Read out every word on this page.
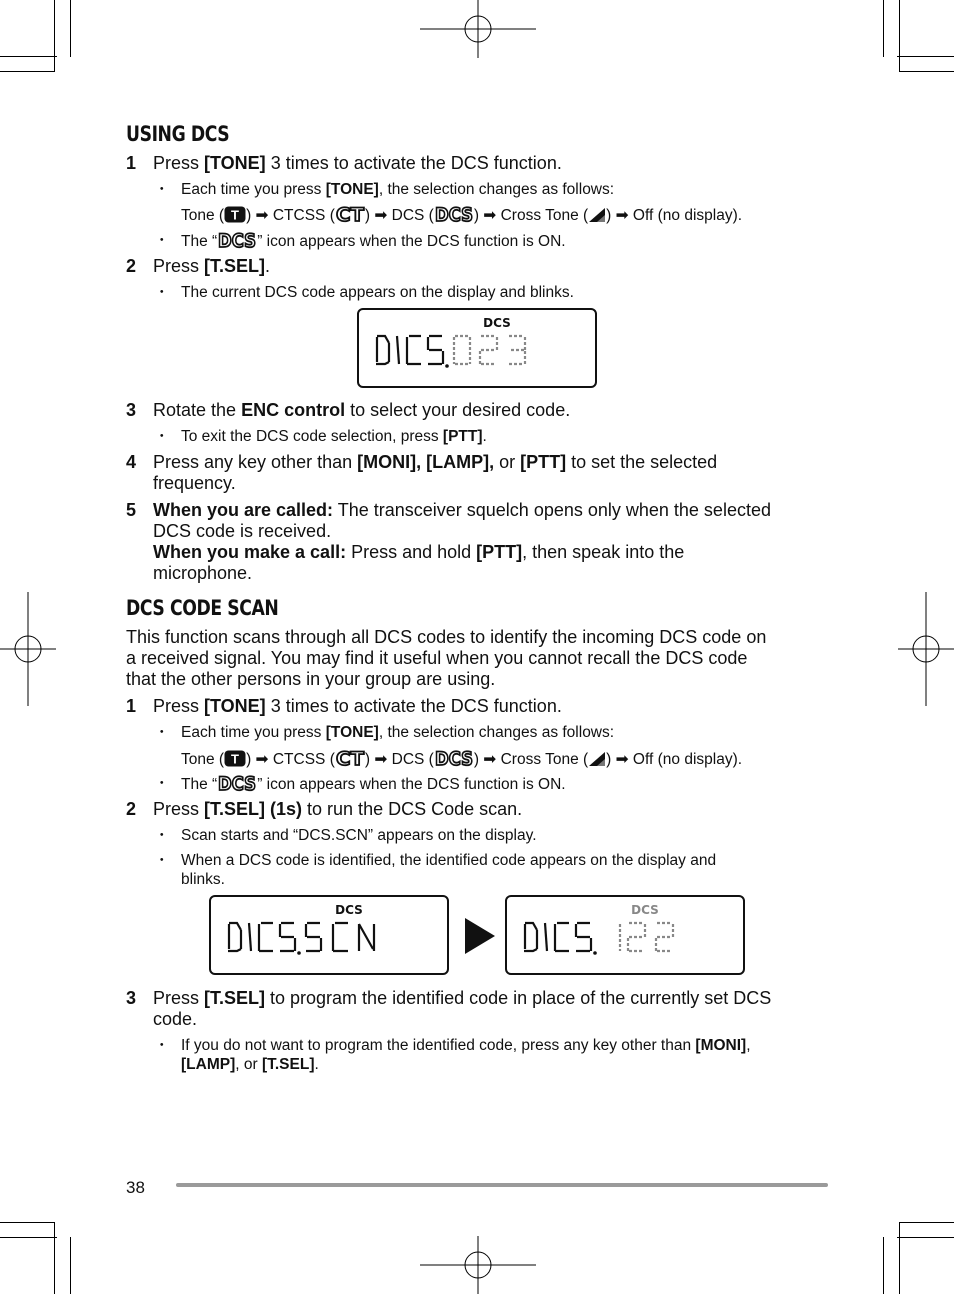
USING DCS
1 Press [TONE] 3 times to activate the DCS function.
・ Each time you press [TONE], the selection changes as follows:
Tone ( T ) ➡ CTCSS ( CT ) ➡ DCS ( DCS ) ➡ Cross Tone ( ) ➡ Off (no display).
・ The “ DCS ” icon appears when the DCS function is ON.
2 Press [T.SEL].
・ The current DCS code appears on the display and blinks.
DCS
3 Rotate the ENC control to select your desired code.
・ To exit the DCS code selection, press [PTT].
4 Press any key other than [MONI], [LAMP], or [PTT] to set the selected
frequency.
5 When you are called: The transceiver squelch opens only when the selected
DCS code is received.
When you make a call: Press and hold [PTT], then speak into the
microphone.
DCS CODE SCAN
This function scans through all DCS codes to identify the incoming DCS code on
a received signal. You may find it useful when you cannot recall the DCS code
that the other persons in your group are using.
1 Press [TONE] 3 times to activate the DCS function.
・ Each time you press [TONE], the selection changes as follows:
Tone ( T ) ➡ CTCSS ( CT ) ➡ DCS ( DCS ) ➡ Cross Tone ( ) ➡ Off (no display).
・ The “ DCS ” icon appears when the DCS function is ON.
2 Press [T.SEL] (1s) to run the DCS Code scan.
・ Scan starts and “DCS.SCN” appears on the display.
・ When a DCS code is identified, the identified code appears on the display and
blinks.
DCS	DCS
3 Press [T.SEL] to program the identified code in place of the currently set DCS
code.
・ If you do not want to program the identified code, press any key other than [MONI],
[LAMP], or [T.SEL].
38
